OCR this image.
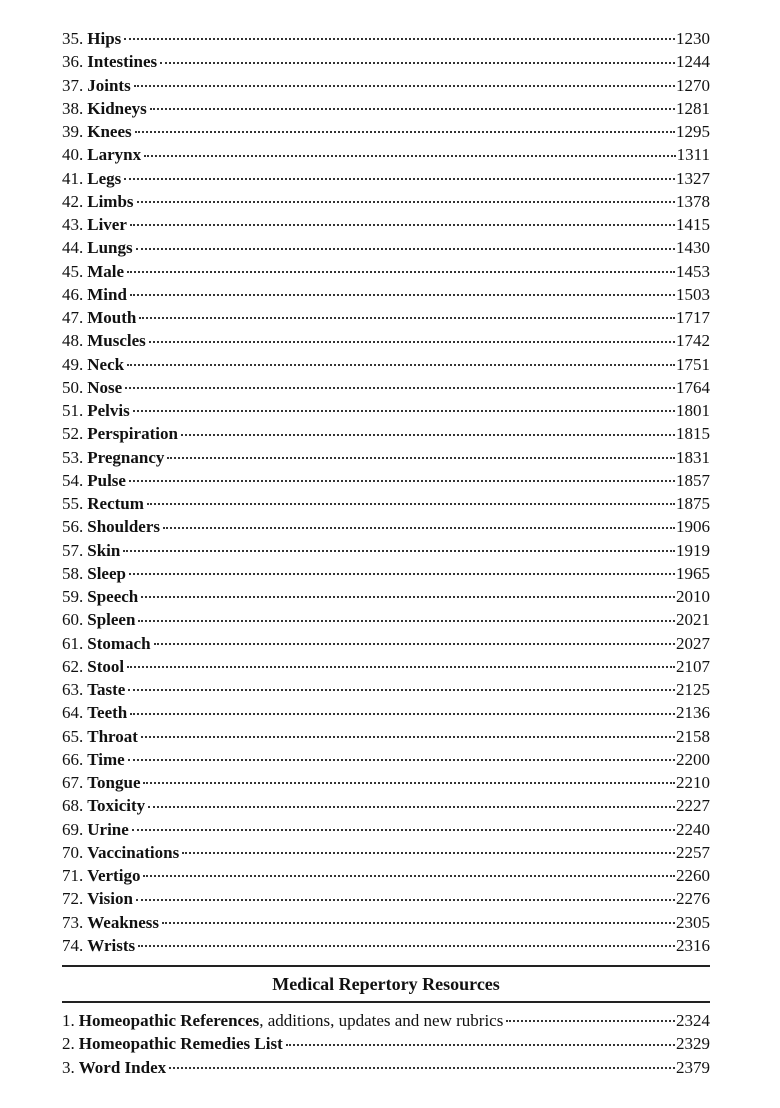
35. Hips	1230
36. Intestines	1244
37. Joints	1270
38. Kidneys	1281
39. Knees	1295
40. Larynx	1311
41. Legs	1327
42. Limbs	1378
43. Liver	1415
44. Lungs	1430
45. Male	1453
46. Mind	1503
47. Mouth	1717
48. Muscles	1742
49. Neck	1751
50. Nose	1764
51. Pelvis	1801
52. Perspiration	1815
53. Pregnancy	1831
54. Pulse	1857
55. Rectum	1875
56. Shoulders	1906
57. Skin	1919
58. Sleep	1965
59. Speech	2010
60. Spleen	2021
61. Stomach	2027
62. Stool	2107
63. Taste	2125
64. Teeth	2136
65. Throat	2158
66. Time	2200
67. Tongue	2210
68. Toxicity	2227
69. Urine	2240
70. Vaccinations	2257
71. Vertigo	2260
72. Vision	2276
73. Weakness	2305
74. Wrists	2316
Medical Repertory Resources
1. Homeopathic References , additions, updates and new rubrics	2324
2. Homeopathic Remedies List	2329
3. Word Index	2379
